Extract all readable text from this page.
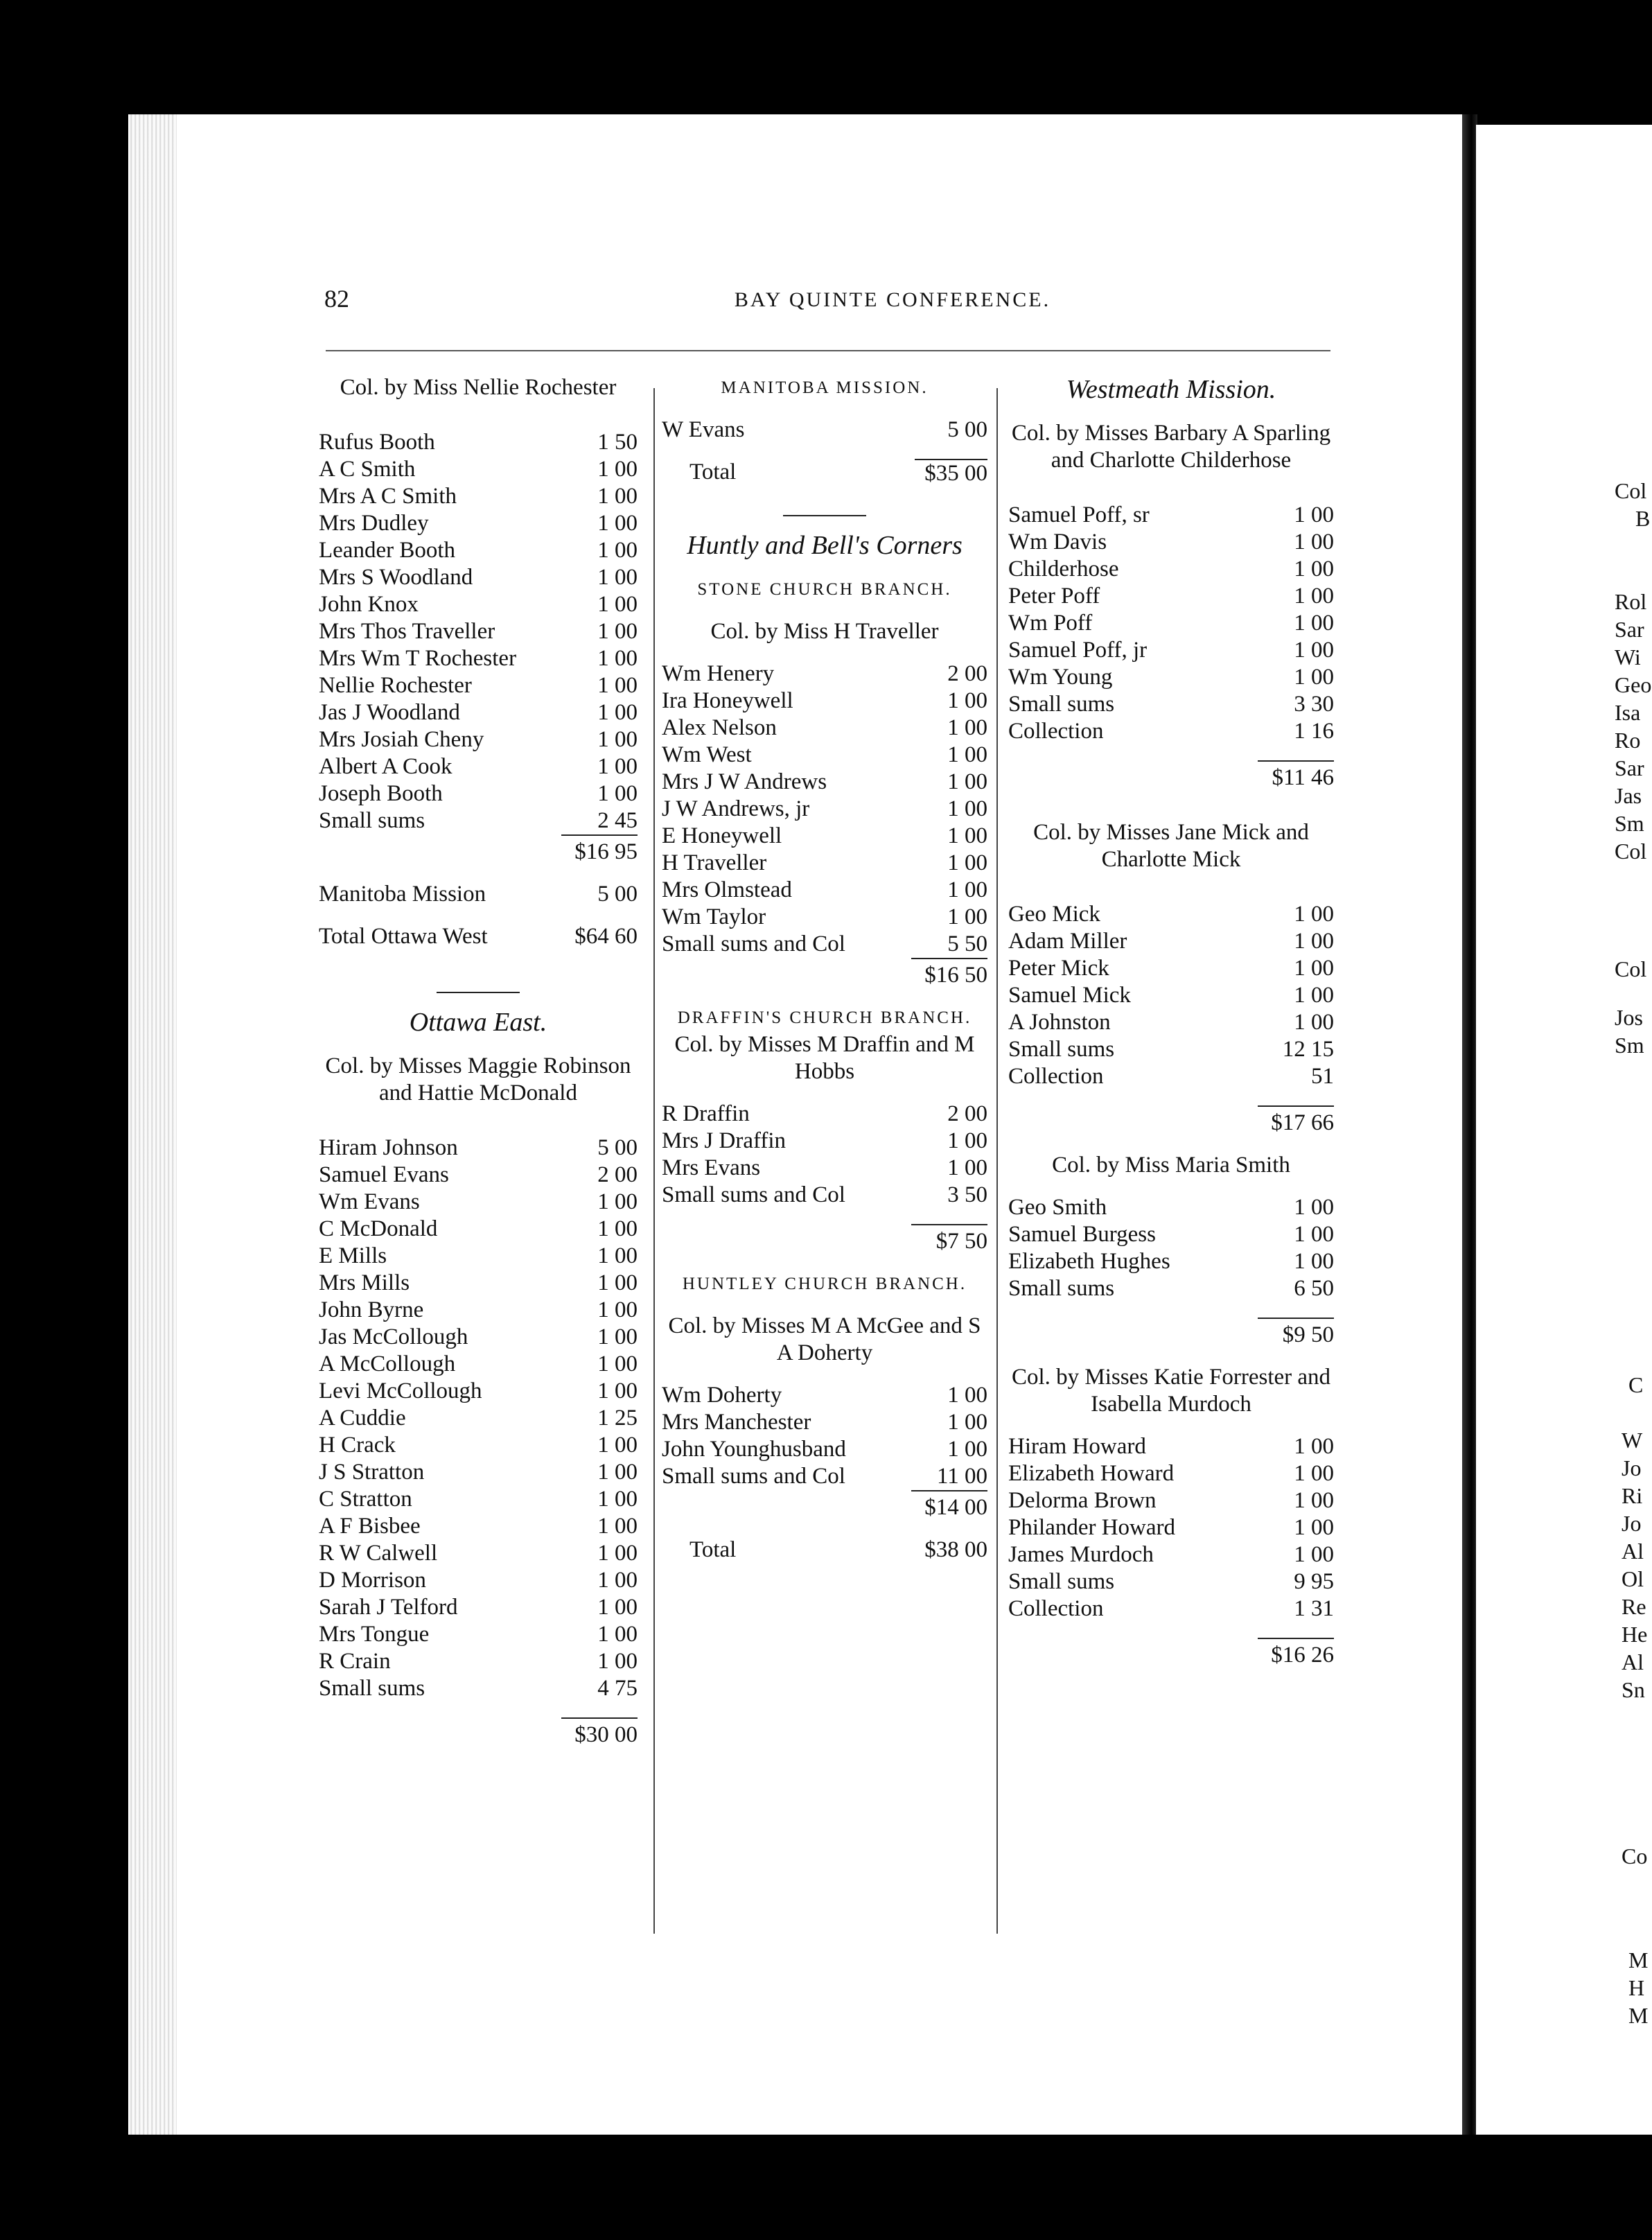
Col
B
Rol
Sar
Wi
Geo
Isa
Ro
Sar
Jas
Sm
Col
Col
Jos
Sm
C
W
Jo
Ri
Jo
Al
Ol
Re
He
Al
Sn
Co
M
H
M
82	BAY QUINTE CONFERENCE.
Col. by Miss Nellie Rochester
Rufus Booth	1 50
A C Smith	1 00
Mrs A C Smith	1 00
Mrs Dudley	1 00
Leander Booth	1 00
Mrs S Woodland	1 00
John Knox	1 00
Mrs Thos Traveller	1 00
Mrs Wm T Rochester	1 00
Nellie Rochester	1 00
Jas J Woodland	1 00
Mrs Josiah Cheny	1 00
Albert A Cook	1 00
Joseph Booth	1 00
Small sums	2 45
$16 95
Manitoba Mission	5 00
Total Ottawa West	$64 60
Ottawa East.
Col. by Misses Maggie Robinson and Hattie McDonald
Hiram Johnson	5 00
Samuel Evans	2 00
Wm Evans	1 00
C McDonald	1 00
E Mills	1 00
Mrs Mills	1 00
John Byrne	1 00
Jas McCollough	1 00
A McCollough	1 00
Levi McCollough	1 00
A Cuddie	1 25
H Crack	1 00
J S Stratton	1 00
C Stratton	1 00
A F Bisbee	1 00
R W Calwell	1 00
D Morrison	1 00
Sarah J Telford	1 00
Mrs Tongue	1 00
R Crain	1 00
Small sums	4 75
$30 00
MANITOBA MISSION.
W Evans	5 00
Total	$35 00
Huntly and Bell's Corners
STONE CHURCH BRANCH.
Col. by Miss H Traveller
Wm Henery	2 00
Ira Honeywell	1 00
Alex Nelson	1 00
Wm West	1 00
Mrs J W Andrews	1 00
J W Andrews, jr	1 00
E Honeywell	1 00
H Traveller	1 00
Mrs Olmstead	1 00
Wm Taylor	1 00
Small sums and Col	5 50
$16 50
DRAFFIN'S CHURCH BRANCH.
Col. by Misses M Draffin and M Hobbs
R Draffin	2 00
Mrs J Draffin	1 00
Mrs Evans	1 00
Small sums and Col	3 50
$7 50
HUNTLEY CHURCH BRANCH.
Col. by Misses M A McGee and S A Doherty
Wm Doherty	1 00
Mrs Manchester	1 00
John Younghusband	1 00
Small sums and Col	11 00
$14 00
Total	$38 00
Westmeath Mission.
Col. by Misses Barbary A Sparling and Charlotte Childerhose
Samuel Poff, sr	1 00
Wm Davis	1 00
Childerhose	1 00
Peter Poff	1 00
Wm Poff	1 00
Samuel Poff, jr	1 00
Wm Young	1 00
Small sums	3 30
Collection	1 16
$11 46
Col. by Misses Jane Mick and Charlotte Mick
Geo Mick	1 00
Adam Miller	1 00
Peter Mick	1 00
Samuel Mick	1 00
A Johnston	1 00
Small sums	12 15
Collection	51
$17 66
Col. by Miss Maria Smith
Geo Smith	1 00
Samuel Burgess	1 00
Elizabeth Hughes	1 00
Small sums	6 50
$9 50
Col. by Misses Katie Forrester and Isabella Murdoch
Hiram Howard	1 00
Elizabeth Howard	1 00
Delorma Brown	1 00
Philander Howard	1 00
James Murdoch	1 00
Small sums	9 95
Collection	1 31
$16 26
